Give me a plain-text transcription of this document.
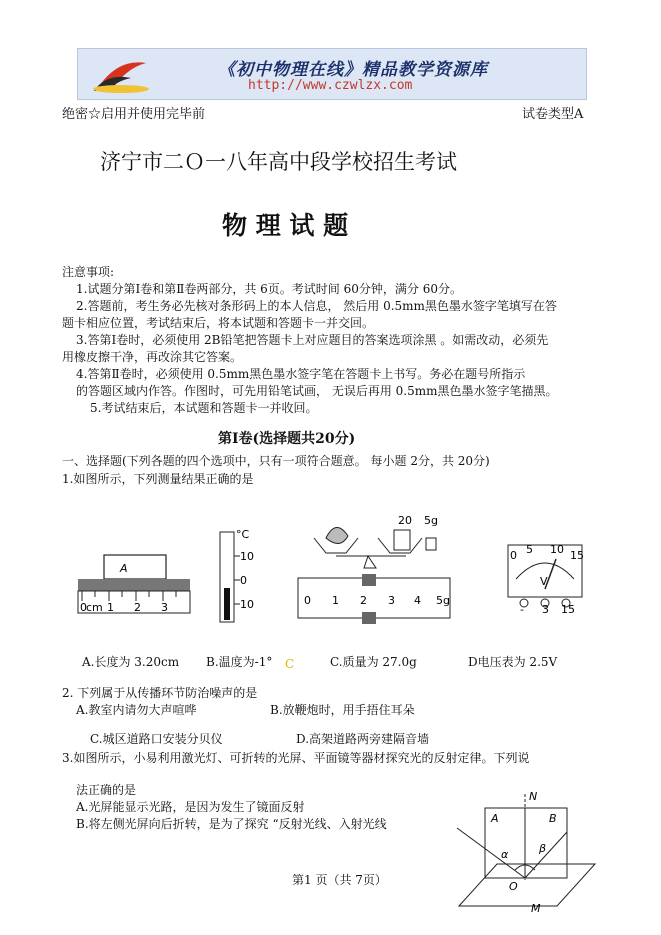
《初中物理在线》精品教学资源库
http://www.czwlzx.com
绝密☆启用并使用完毕前	试卷类型A
济宁市二Ｏ一八年高中段学校招生考试
物 理 试 题
注意事项:
1.试题分第Ⅰ卷和第Ⅱ卷两部分，共 6页。考试时间 60分钟，满分 60分。
2.答题前，考生务必先核对条形码上的本人信息， 然后用 0.5mm黑色墨水签字笔填写在答
题卡相应位置，考试结束后，将本试题和答题卡一并交回。
3.答第Ⅰ卷时，必须使用 2B铅笔把答题卡上对应题目的答案选项涂黑 。如需改动，必须先
用橡皮擦干净，再改涂其它答案。
4.答第Ⅱ卷时，必须使用 0.5mm黑色墨水签字笔在答题卡上书写。务必在题号所指示
的答题区域内作答。作图时，可先用铅笔试画， 无误后再用 0.5mm黑色墨水签字笔描黑。
5.考试结束后，本试题和答题卡一并收回。
第Ⅰ卷(选择题共20分)
一、选择题(下列各题的四个选项中，只有一项符合题意。 每小题 2分，共 20分)
1.如图所示，下列测量结果正确的是
A
0 1 2 3
cm
°C
10
0
10
20 5g
0 1 2 3 4 5g
0 5 10 15
V
- 3 15
A.长度为 3.20cm B.温度为-1° C	C.质量为 27.0g	D电压表为 2.5V
2. 下列属于从传播环节防治噪声的是
A.教室内请勿大声喧哗	B.放鞭炮时，用手捂住耳朵
C.城区道路口安装分贝仪	D.高架道路两旁建隔音墙
3.如图所示，小易利用激光灯、可折转的光屏、平面镜等器材探究光的反射定律。下列说
法正确的是
A.光屏能显示光路，是因为发生了镜面反射
B.将左侧光屏向后折转，是为了探究 “反射光线、入射光线
N
A	B
α	β
O
M
第1 页（共 7页）
